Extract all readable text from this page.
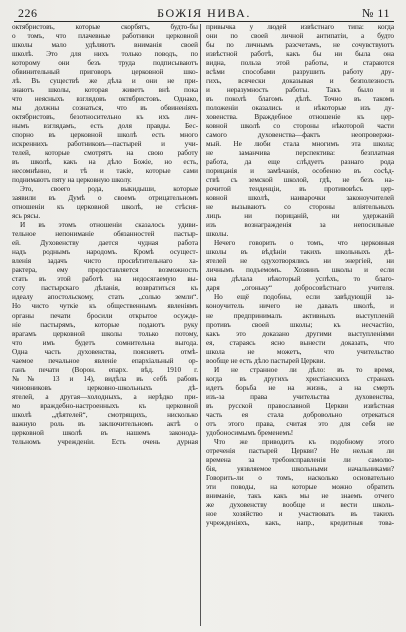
226	БОЖІЯ НИВА.	№ 11
октябристовъ, которые скорбятъ, будто-бы
о томъ, что плачевные работники церковной
школы мало удѣляютъ вниманія своей
школѣ. Это для нихъ только поводъ, по
которому они безъ труда подписываютъ
обвинительный приговоръ церковной шко-
лѣ. Въ существѣ же дѣла и они не при-
знаютъ школы, которая живетъ внѣ пока
что неясныхъ взглядовъ октябристовъ. Однако,
мы должны сознаться, что въ обвиненіяхъ
октябристовъ, безотносительно къ ихъ лич-
нымъ взглядамъ, есть доля правды. Бес-
спорно въ церковной школѣ есть много
искреннихъ работниковъ—пастырей и учи-
телей, которые смотрятъ на свою работу
въ школѣ, какъ на дѣло Божіе, но есть,
несомнѣнно, и тѣ и такіе, которые сами
поднимаютъ пяту на церковную школу.
Это, своего рода, выкидыши, которые
заявили въ Думѣ о своемъ отрицательномъ
отношеніи къ церковной школѣ, не стѣсня-
ясь рясы.
И въ этомъ отношеніи сказалось удиви-
тельное непониманіе обязанностей пастыр-
ей. Духовенству дается чудная работа
надъ роднымъ народомъ. Кромѣ осущест-
вленія задачъ чисто просвѣтительнаго ха-
рактера, ему предоставляется возможность
стать въ этой работѣ на недосягаемую вы-
соту пастырскаго дѣланія, возвратиться къ
идеалу апостольскому, стать „солью земли“.
Но чисто чуткіе къ общественнымъ явленіямъ
органы печати бросили открытое осужде-
ніе пастырямъ, которые подаютъ руку
врагамъ церковной школы только потому,
что имъ будетъ сомнительна выгода.
Одна часть духовенства, поясняетъ отмѣ-
чаемое печальное явленіе епархіальный ор-
ганъ печати (Ворон. епарх. вѣд. 1910 г.
№№ 13 и 14), видѣла въ себѣ рабовъ
чиновниковъ церковно-школьныхъ дѣ-
ятелей, а другая—холодныхъ, а нерѣдко при-
мо враждебно-настроенныхъ къ церковной
школѣ „дѣятелей“, смотрящихъ, нисколько
важную роль въ заключительномъ актѣ о
церковной школѣ въ нашемъ законода-
тельномъ учрежденіи. Есть очень дурная
привычка у людей извѣстнаго типа: когда
они по своей личной антипатіи, а будто
бы по личнымъ разсчетамъ, не сочувствуютъ
извѣстной работѣ, какъ бы ни была она
видна, польза этой работы, и стараются
всѣми способами разрушить работу дру-
гихъ, всячески доказывая и безполезность
и неразумность работы. Такъ было и
въ поколѣ благомъ дѣлѣ. Точно въ такомъ
положеніи оказались и нѣкоторые изъ ду-
ховенства. Враждебное отношеніе къ цер-
ковной школѣ со стороны нѣкоторой части
самого духовенства—фактъ неопровержи-
мый. Не люби стала многимъ эта школа;
не заманчива перспектива: безплатная
работа, да еще слѣдуетъ разнаго рода
порицанія и замѣчанія, особенно въ сосѣд-
ствѣ съ земской школой, гдѣ, не безъ на-
рочитой тенденціи, въ противовѣсъ цер-
ковной школѣ, наиварочки законоучителей
не вызываютъ со стороны влiятельныхъ
лицъ ни порицаній, ни удержаній
изъ вознагражденія за непосильные
школы.
Нечего говорить о томъ, что церковныя
школы въ вѣдѣніи такихъ школьныхъ дѣ-
ятелей не одухотворялись ни энергіей, ни
личнымъ подъемомъ. Хозяинъ школы и если
она дѣлала нѣкоторый успѣхъ, то благо-
даря „огоньку“ добросовѣстнаго учителя.
Но ещё подобны, если завѣдующій за-
коноучитель ничего не давалъ школѣ, и
не предпринималъ активныхъ выступленій
противъ своей школы; къ несчастію,
какъ это доказано другими выступленіями
ея, стараясь ясно вынести доказать, что
школа не можетъ, что учительство
вообще не есть дѣло пастырей Церкви.
И не странное ли дѣло: въ то время,
когда въ другихъ христіанскихъ странахъ
идетъ борьба не на жизнь, а на смерть
изъ-за права учительства духовенства,
въ русской православной Церкви извѣстная
часть ея стала добровольно отрекаться
отъ этого права, считая это для себя не
удобоносимымъ бременемъ!
Что же приводитъ къ подобному этого
отреченія пастырей Церкви? Не нельзя ли
времена за требоисправленія ли самолю-
бія, уязвляемое школьными начальниками?
Говорить-ли о томъ, насколько основательно
эти поводы, на которые можно обратить
вниманіе, такъ какъ мы не знаемъ отчего
же духовенству вообще и вести школь-
ное хозяйство и участвовать въ такихъ
учрежденіяхъ, какъ, напр., кредитныя това-
